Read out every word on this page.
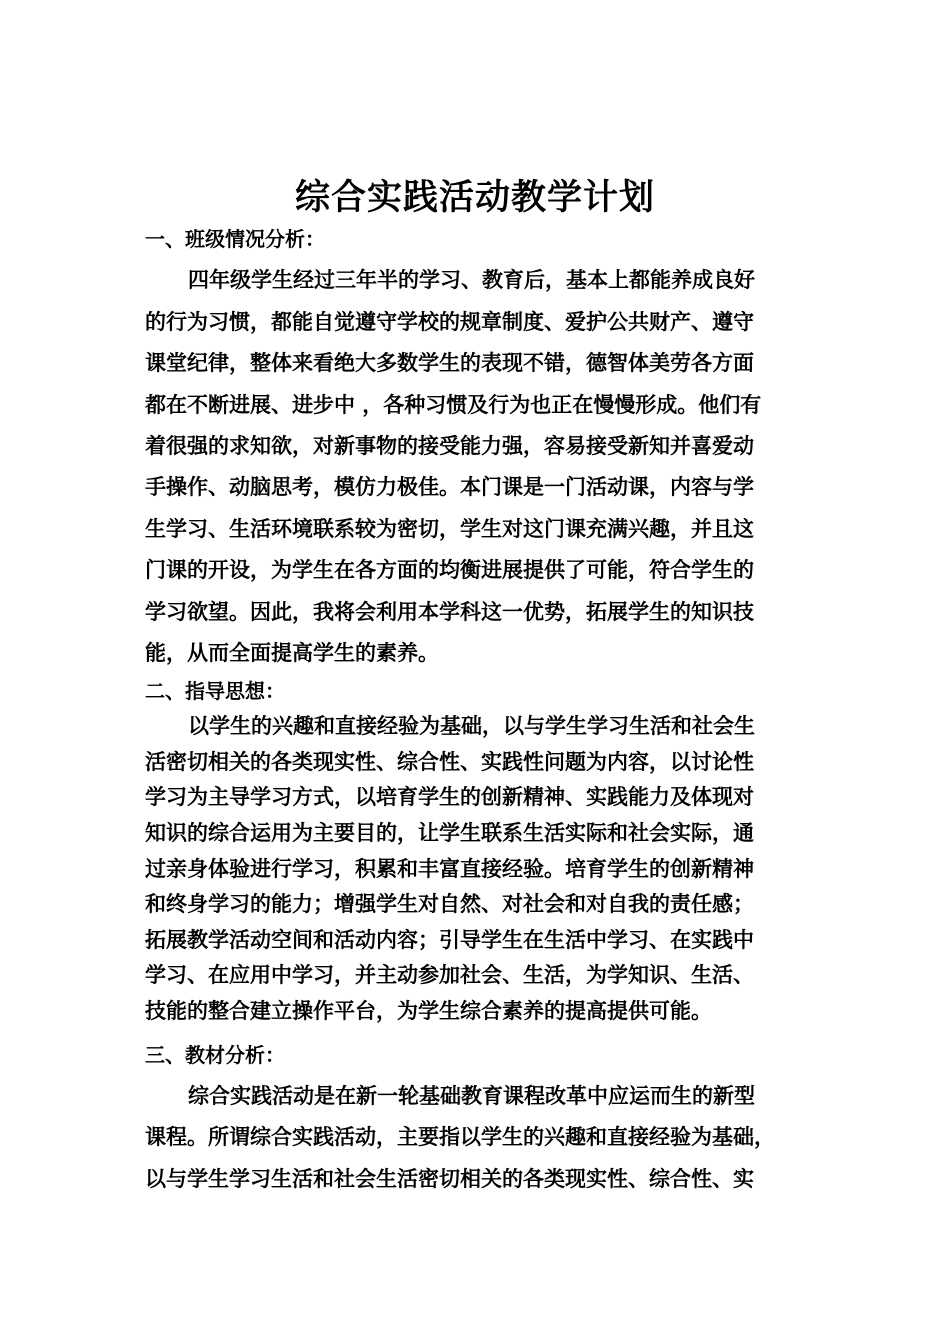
综合实践活动教学计划
一、班级情况分析：
四年级学生经过三年半的学习、教育后，基本上都能养成良好
的行为习惯，都能自觉遵守学校的规章制度、爱护公共财产、遵守
课堂纪律，整体来看绝大多数学生的表现不错，德智体美劳各方面
都在不断进展、进步中 ，各种习惯及行为也正在慢慢形成。他们有
着很强的求知欲，对新事物的接受能力强，容易接受新知并喜爱动
手操作、动脑思考，模仿力极佳。本门课是一门活动课，内容与学
生学习、生活环境联系较为密切，学生对这门课充满兴趣，并且这
门课的开设，为学生在各方面的均衡进展提供了可能，符合学生的
学习欲望。因此，我将会利用本学科这一优势，拓展学生的知识技
能，从而全面提高学生的素养。
二、指导思想：
以学生的兴趣和直接经验为基础，以与学生学习生活和社会生
活密切相关的各类现实性、综合性、实践性问题为内容，以讨论性
学习为主导学习方式，以培育学生的创新精神、实践能力及体现对
知识的综合运用为主要目的，让学生联系生活实际和社会实际，通
过亲身体验进行学习，积累和丰富直接经验。培育学生的创新精神
和终身学习的能力；增强学生对自然、对社会和对自我的责任感；
拓展教学活动空间和活动内容；引导学生在生活中学习、在实践中
学习、在应用中学习，并主动参加社会、生活，为学知识、生活、
技能的整合建立操作平台，为学生综合素养的提高提供可能。
三、教材分析：
综合实践活动是在新一轮基础教育课程改革中应运而生的新型
课程。所谓综合实践活动，主要指以学生的兴趣和直接经验为基础，
以与学生学习生活和社会生活密切相关的各类现实性、综合性、实
